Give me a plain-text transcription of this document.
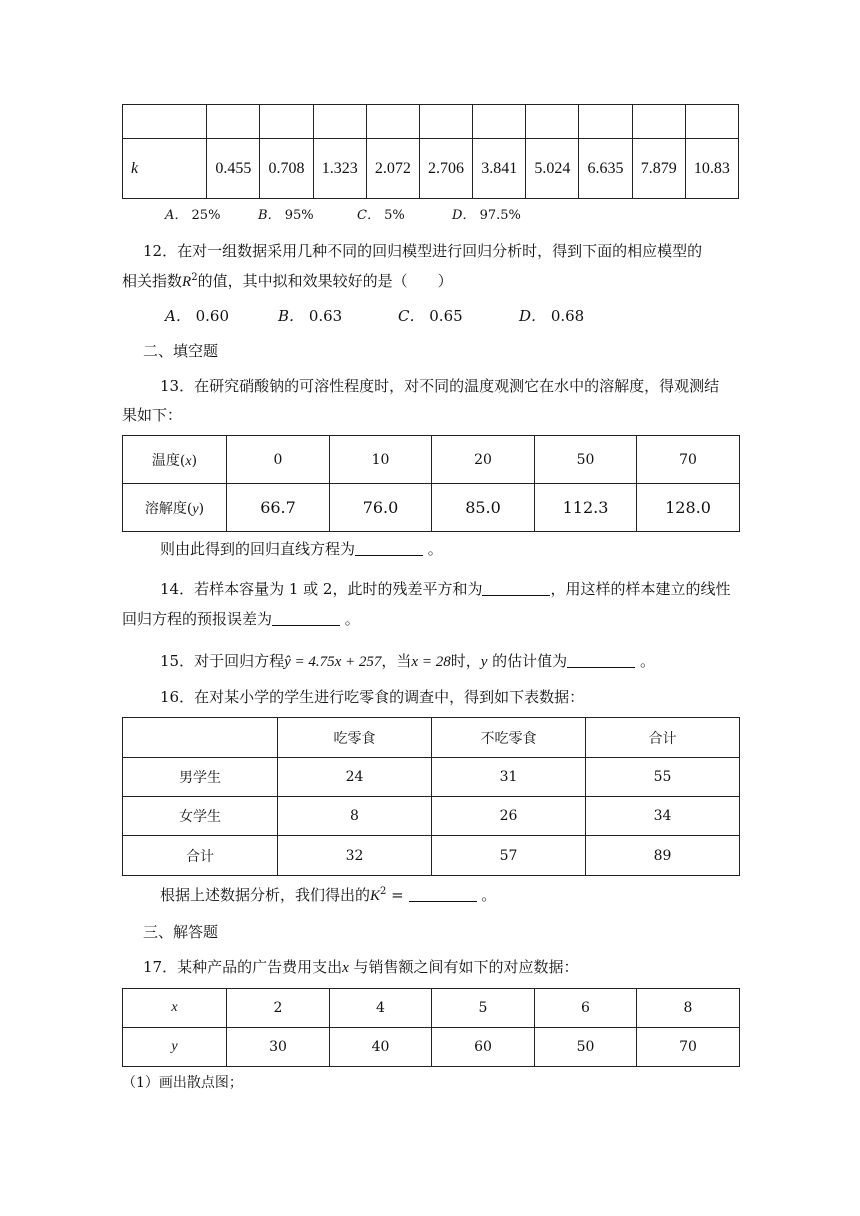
k	0.455	0.708	1.323	2.072	2.706	3.841	5.024	6.635	7.879	10.83
A． 25%	B． 95%	C． 5%	D． 97.5%
12．在对一组数据采用几种不同的回归模型进行回归分析时，得到下面的相应模型的
相关指数$R^2$的值，其中拟和效果较好的是（　　）
A． 0.60	B． 0.63	C． 0.65	D． 0.68
二、填空题
13．在研究硝酸钠的可溶性程度时，对不同的温度观测它在水中的溶解度，得观测结
果如下：
温度(x)	0	10	20	50	70
溶解度(y)	66.7	76.0	85.0	112.3	128.0
则由此得到的回归直线方程为	。
14．若样本容量为 1 或 2，此时的残差平方和为	，用这样的样本建立的线性
回归方程的预报误差为	。
15．对于回归方程ŷ = 4.75x + 257，当x = 28时，y 的估计值为	。
16．在对某小学的学生进行吃零食的调查中，得到如下表数据：
	吃零食	不吃零食	合计
男学生	24	31	55
女学生	8	26	34
合计	32	57	89
根据上述数据分析，我们得出的$K^2$ =	。
三、解答题
17．某种产品的广告费用支出x 与销售额之间有如下的对应数据：
x	2	4	5	6	8
y	30	40	60	50	70
（1）画出散点图；
